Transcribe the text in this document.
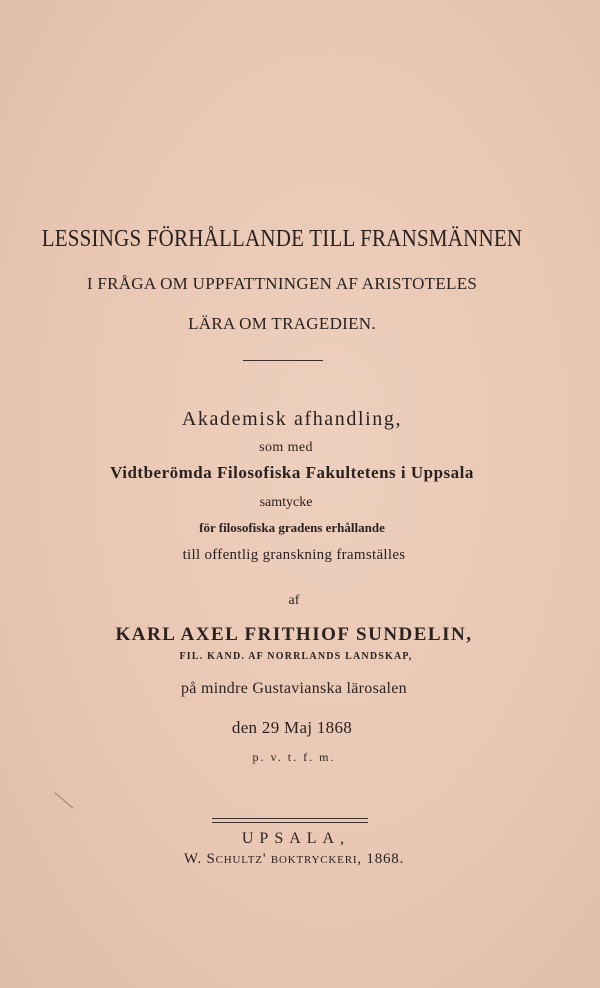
LESSINGS FÖRHÅLLANDE TILL FRANSMÄNNEN
I FRÅGA OM UPPFATTNINGEN AF ARISTOTELES
LÄRA OM TRAGEDIEN.
Akademisk afhandling,
som med
Vidtberömda Filosofiska Fakultetens i Uppsala
samtycke
för filosofiska gradens erhållande
till offentlig granskning framställes
af
KARL AXEL FRITHIOF SUNDELIN,
FIL. KAND. AF NORRLANDS LANDSKAP,
på mindre Gustavianska lärosalen
den 29 Maj 1868
p. v. t. f. m.
UPSALA,
W. Schultz' boktryckeri, 1868.
